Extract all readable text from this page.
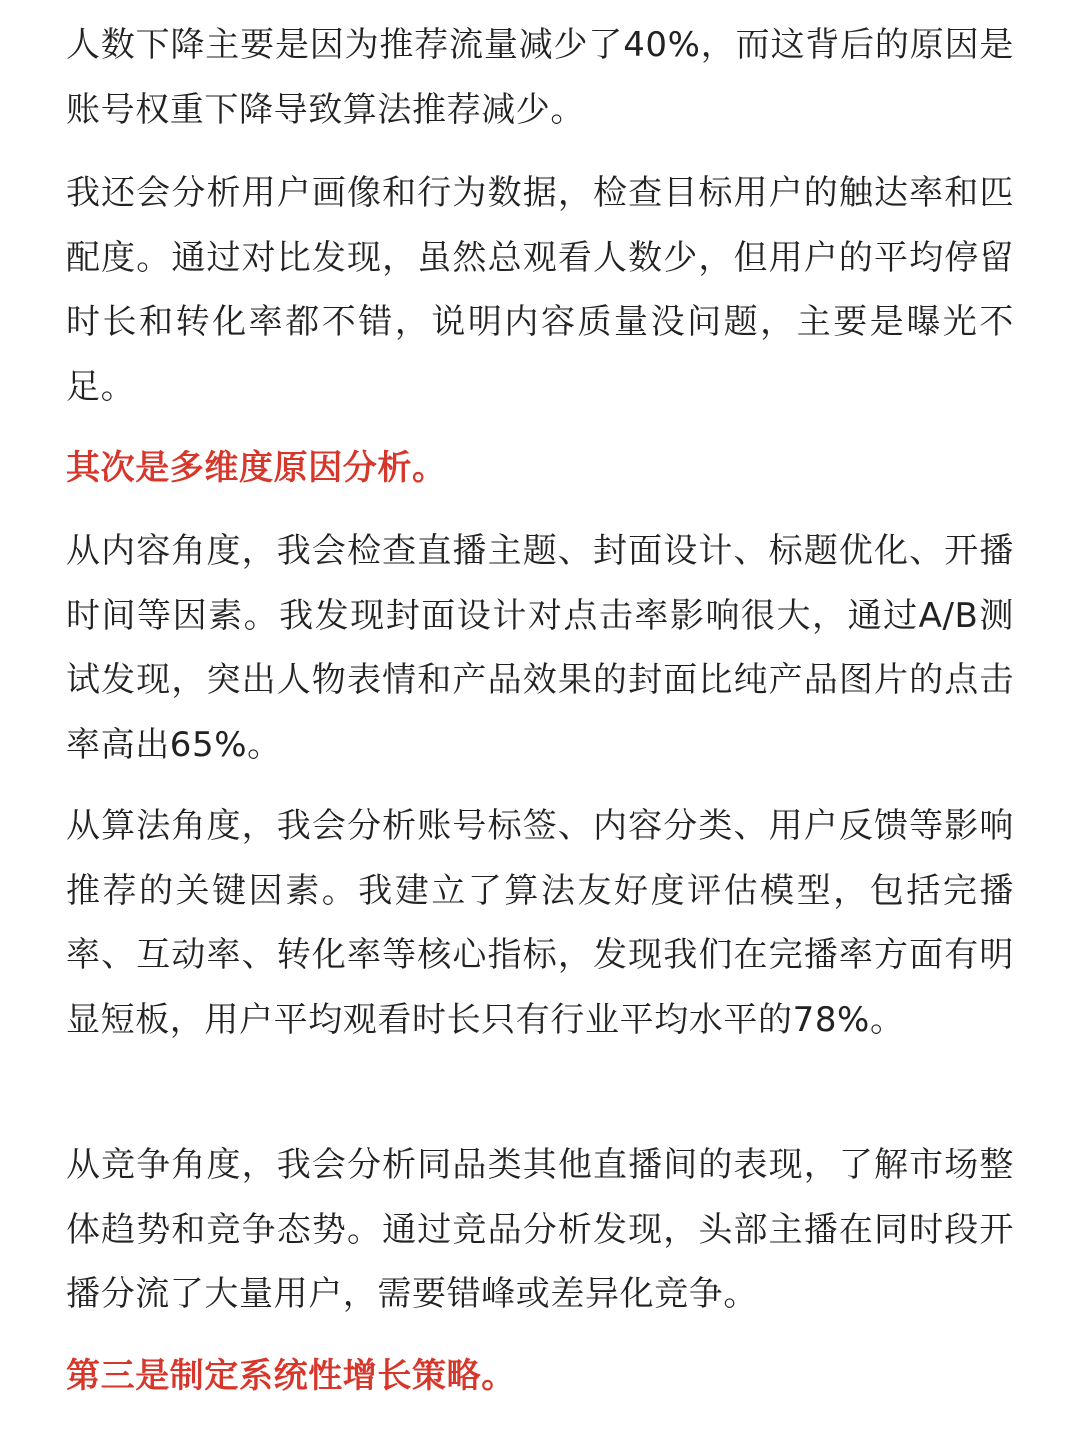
人数下降主要是因为推荐流量减少了40%，而这背后的原因是账号权重下降导致算法推荐减少。

我还会分析用户画像和行为数据，检查目标用户的触达率和匹配度。通过对比发现，虽然总观看人数少，但用户的平均停留时长和转化率都不错，说明内容质量没问题，主要是曝光不足。

其次是多维度原因分析。

从内容角度，我会检查直播主题、封面设计、标题优化、开播时间等因素。我发现封面设计对点击率影响很大，通过A/B测试发现，突出人物表情和产品效果的封面比纯产品图片的点击率高出65%。

从算法角度，我会分析账号标签、内容分类、用户反馈等影响推荐的关键因素。我建立了算法友好度评估模型，包括完播率、互动率、转化率等核心指标，发现我们在完播率方面有明显短板，用户平均观看时长只有行业平均水平的78%。

从竞争角度，我会分析同品类其他直播间的表现，了解市场整体趋势和竞争态势。通过竞品分析发现，头部主播在同时段开播分流了大量用户，需要错峰或差异化竞争。

第三是制定系统性增长策略。
